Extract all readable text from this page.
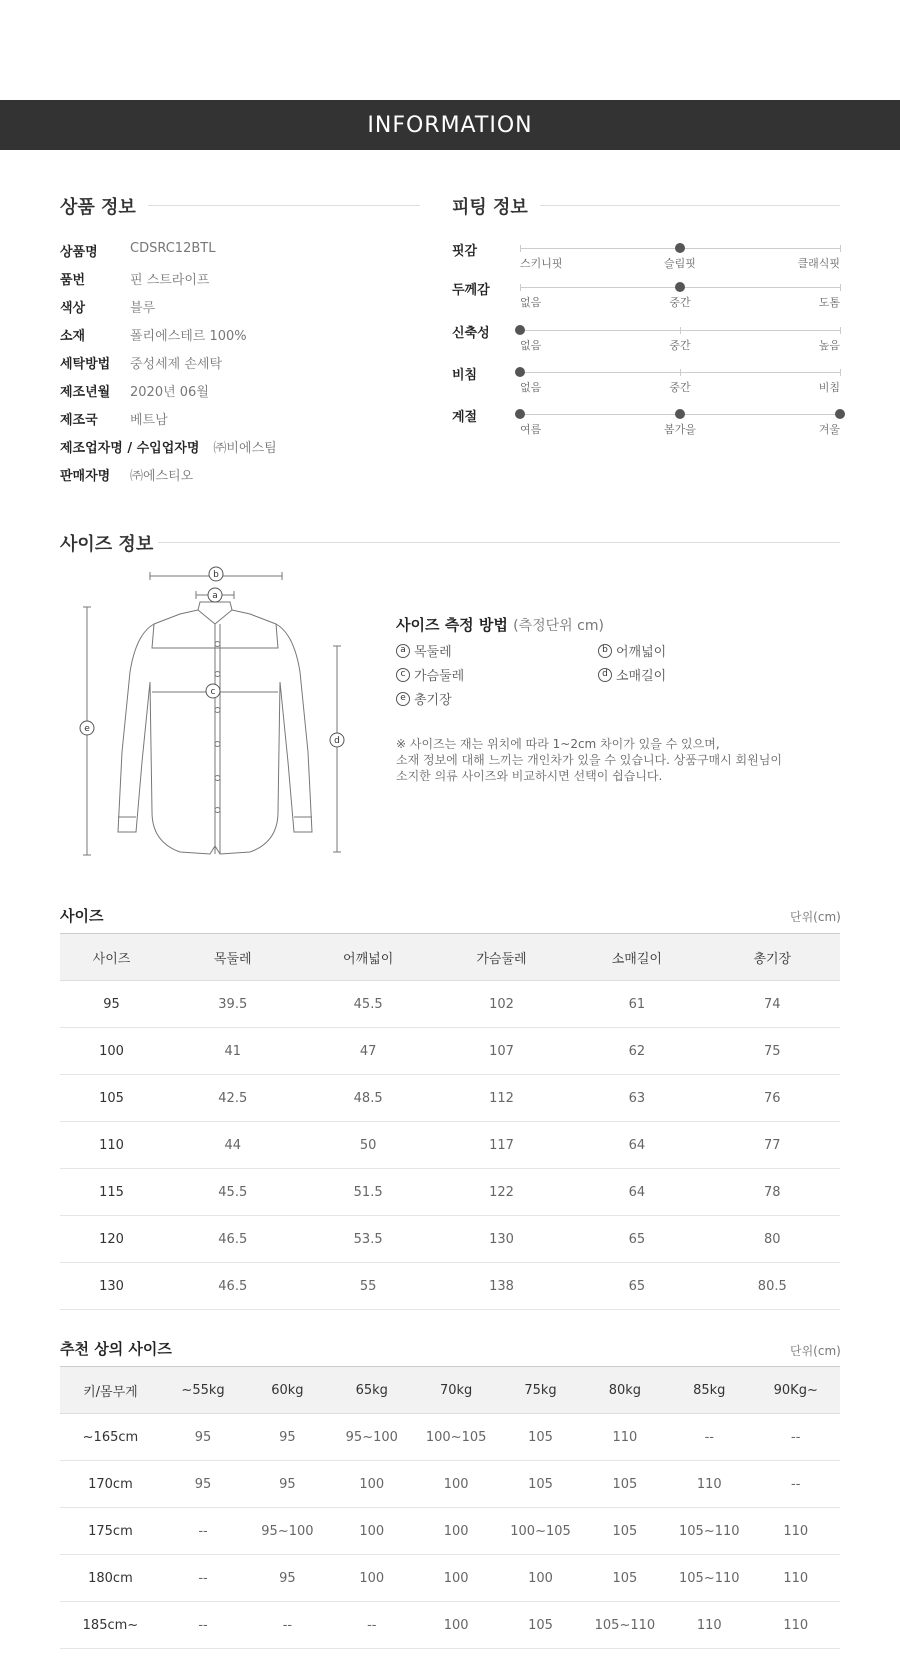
INFORMATION
상품 정보
상품명	CDSRC12BTL
품번	핀 스트라이프
색상	블루
소재	폴리에스테르 100%
세탁방법	중성세제 손세탁
제조년월	2020년 06월
제조국	베트남
제조업자명 / 수입업자명 ㈜비에스팀
판매자명	㈜에스티오
피팅 정보
핏감
스키니핏	슬림핏	클래식핏
두께감
없음	중간	도톰
신축성
없음	중간	높음
비침
없음	중간	비침
계절
여름	봄가을	겨울
사이즈 정보
b
a
c
d
e
사이즈 측정 방법 (측정단위 cm)
a 목둘레	b 어깨넓이
c 가슴둘레	d 소매길이
e 총기장
※ 사이즈는 재는 위치에 따라 1~2cm 차이가 있을 수 있으며,
소재 정보에 대해 느끼는 개인차가 있을 수 있습니다. 상품구매시 회원님이
소지한 의류 사이즈와 비교하시면 선택이 쉽습니다.
사이즈	단위(cm)
사이즈	목둘레	어깨넓이	가슴둘레	소매길이	총기장
95	39.5	45.5	102	61	74
100	41	47	107	62	75
105	42.5	48.5	112	63	76
110	44	50	117	64	77
115	45.5	51.5	122	64	78
120	46.5	53.5	130	65	80
130	46.5	55	138	65	80.5
추천 상의 사이즈	단위(cm)
키/몸무게	~55kg	60kg	65kg	70kg	75kg	80kg	85kg	90Kg~
~165cm	95	95	95~100	100~105	105	110	--	--
170cm	95	95	100	100	105	105	110	--
175cm	--	95~100	100	100	100~105	105	105~110	110
180cm	--	95	100	100	100	105	105~110	110
185cm~	--	--	--	100	105	105~110	110	110
